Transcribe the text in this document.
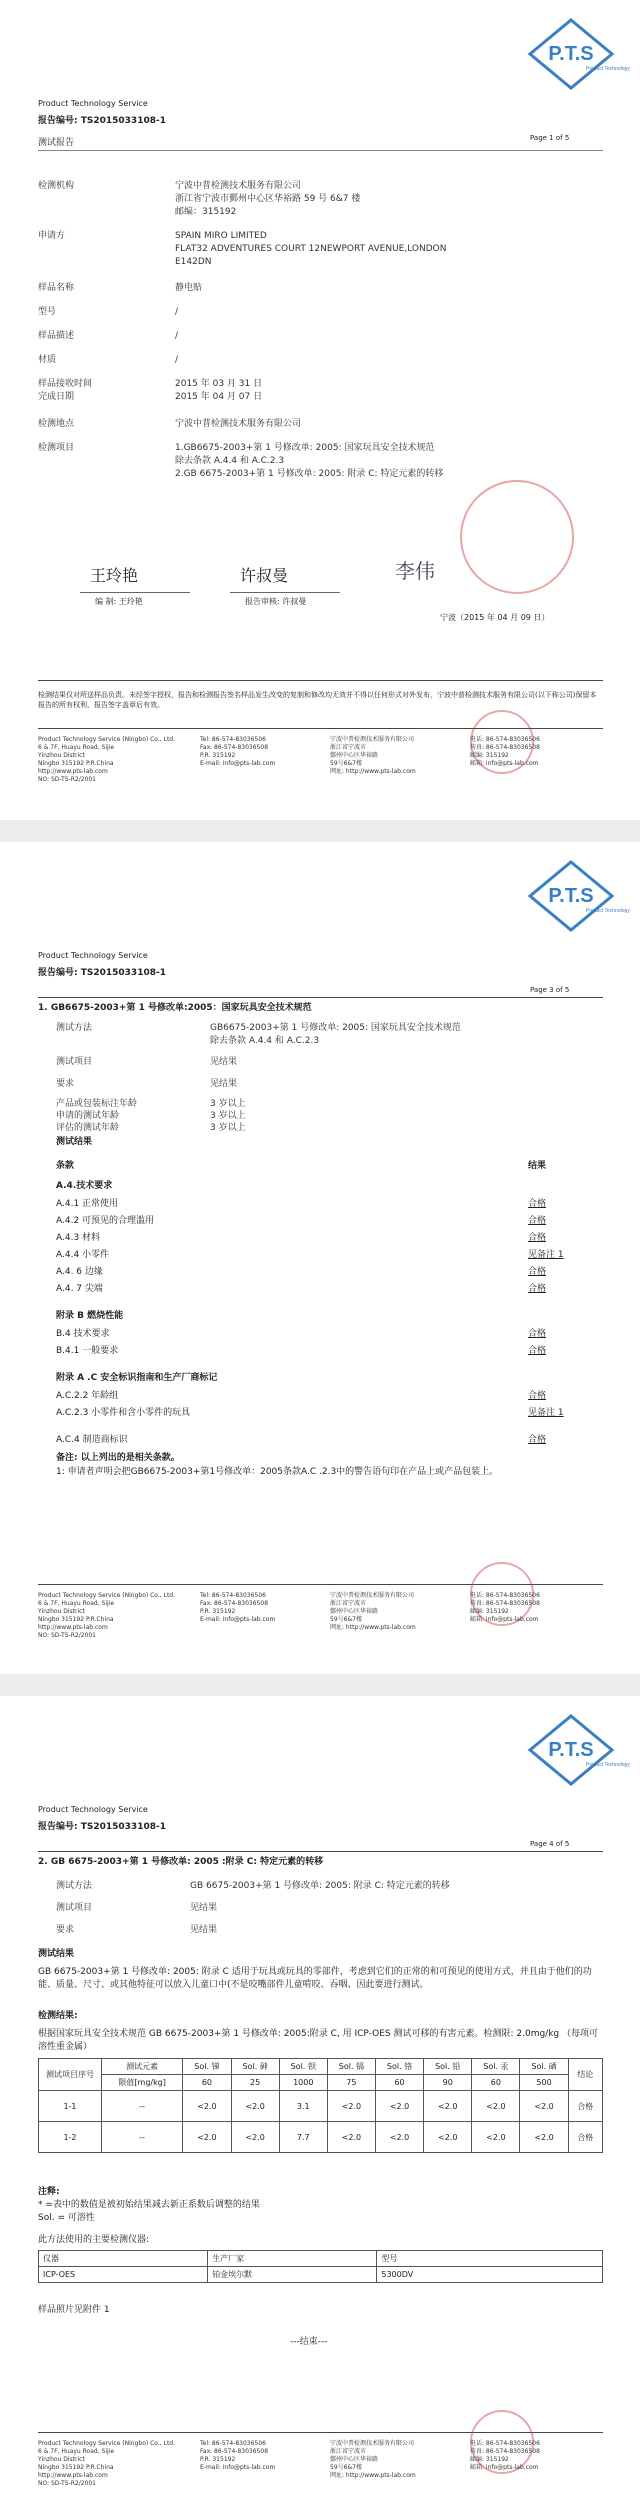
P.T.S
Product Technology
Product Technology Service
报告编号: TS2015033108-1
Page 1 of 5
测试报告
检测机构	宁波中普检测技术服务有限公司
浙江省宁波市鄞州中心区华裕路 59 号 6&7 楼
邮编：315192
申请方	SPAIN MIRO LIMITED
FLAT32 ADVENTURES COURT 12NEWPORT AVENUE,LONDON
E142DN
样品名称	静电贴
型号	/
样品描述	/
材质	/
样品接收时间	2015 年 03 月 31 日
完成日期	2015 年 04 月 07 日
检测地点	宁波中普检测技术服务有限公司
检测项目	1.GB6675-2003+第 1 号修改单: 2005: 国家玩具安全技术规范
除去条款 A.4.4 和 A.C.2.3
2.GB 6675-2003+第 1 号修改单: 2005: 附录 C: 特定元素的转移
王玲艳	许叔曼	李伟
编 制: 王玲艳	报告审核: 许叔曼
宁波（2015 年 04 月 09 日）
检测结果仅对所送样品负责。未经签字授权，报告和检测报告签名样品发生改变的复制和修改均无效并不得以任何形式对外发布，宁波中普检测技术服务有限公司(以下称公司)保留本报告的所有权利，报告签字盖章后有效。
Product Technology Service (Ningbo) Co., Ltd.
6 & 7F, Huayu Road, Sijie
Yinzhou District
Ningbo 315192 P.R.China
http://www.pts-lab.com
NO: SD-TS-R2/2001
Tel: 86-574-83036506
Fax: 86-574-83036508
P.R. 315192
E-mail: info@pts-lab.com
宁波中普检测技术服务有限公司
浙江省宁波市
鄞州中心区华裕路
59号6&7楼
网址: http://www.pts-lab.com
电话: 86-574-83036506
传真: 86-574-83036508
邮编: 315192
邮箱: info@pts-lab.com
P.T.S
Product Technology
Product Technology Service
报告编号: TS2015033108-1
Page 3 of 5
1. GB6675-2003+第 1 号修改单:2005：国家玩具安全技术规范
测试方法	GB6675-2003+第 1 号修改单: 2005: 国家玩具安全技术规范
除去条款 A.4.4 和 A.C.2.3
测试项目	见结果
要求	见结果
产品或包装标注年龄	3 岁以上
申请的测试年龄	3 岁以上
评估的测试年龄	3 岁以上
测试结果
条款	结果
A.4.技术要求
A.4.1 正常使用	合格
A.4.2 可预见的合理滥用	合格
A.4.3 材料	合格
A.4.4 小零件	见备注 1
A.4. 6 边缘	合格
A.4. 7 尖端	合格
附录 B 燃烧性能
B.4 技术要求	合格
B.4.1 一般要求	合格
附录 A .C 安全标识指南和生产厂商标记
A.C.2.2 年龄组	合格
A.C.2.3 小零件和含小零件的玩具	见备注 1
A.C.4 制造商标识	合格
备注: 以上列出的是相关条款。
1: 申请者声明会把GB6675-2003+第1号修改单：2005条款A.C .2.3中的警告语句印在产品上或产品包装上。
Product Technology Service (Ningbo) Co., Ltd.
6 & 7F, Huayu Road, Sijie
Yinzhou District
Ningbo 315192 P.R.China
http://www.pts-lab.com
NO: SD-TS-R2/2001
Tel: 86-574-83036506
Fax: 86-574-83036508
P.R. 315192
E-mail: info@pts-lab.com
宁波中普检测技术服务有限公司
浙江省宁波市
鄞州中心区华裕路
59号6&7楼
网址: http://www.pts-lab.com
电话: 86-574-83036506
传真: 86-574-83036508
邮编: 315192
邮箱: info@pts-lab.com
P.T.S
Product Technology
Product Technology Service
报告编号: TS2015033108-1
Page 4 of 5
2. GB 6675-2003+第 1 号修改单: 2005 :附录 C: 特定元素的转移
测试方法	GB 6675-2003+第 1 号修改单: 2005: 附录 C: 特定元素的转移
测试项目	见结果
要求	见结果
测试结果
GB 6675-2003+第 1 号修改单: 2005: 附录 C 适用于玩具或玩具的零部件，考虑到它们的正常的和可预见的使用方式，并且由于他们的功能、质量、尺寸、或其他特征可以放入儿童口中(不是咬嘴部件儿童啃咬、吞咽、因此要进行测试。
检测结果:
根据国家玩具安全技术规范 GB 6675-2003+第 1 号修改单: 2005:附录 C, 用 ICP-OES 测试可移的有害元素。检测限: 2.0mg/kg （每项可溶性重金属）
测试项目序号	测试元素	Sol. 锑	Sol. 砷	Sol. 钡	Sol. 镉	Sol. 铬	Sol. 铅	Sol. 汞	Sol. 硒	结论
	限值[mg/kg]	60	25	1000	75	60	90	60	500	
1-1	--	<2.0	<2.0	3.1	<2.0	<2.0	<2.0	<2.0	<2.0	合格
1-2	--	<2.0	<2.0	7.7	<2.0	<2.0	<2.0	<2.0	<2.0	合格
注释:
* =表中的数值是被初始结果减去新正系数后调整的结果
Sol. = 可溶性
此方法使用的主要检测仪器:
仪器	生产厂家	型号
ICP-OES	铂金埃尔默	5300DV
样品照片见附件 1
---结束---
Product Technology Service (Ningbo) Co., Ltd.
6 & 7F, Huayu Road, Sijie
Yinzhou District
Ningbo 315192 P.R.China
http://www.pts-lab.com
NO: SD-TS-R2/2001
Tel: 86-574-83036506
Fax: 86-574-83036508
P.R. 315192
E-mail: info@pts-lab.com
宁波中普检测技术服务有限公司
浙江省宁波市
鄞州中心区华裕路
59号6&7楼
网址: http://www.pts-lab.com
电话: 86-574-83036506
传真: 86-574-83036508
邮编: 315192
邮箱: info@pts-lab.com
